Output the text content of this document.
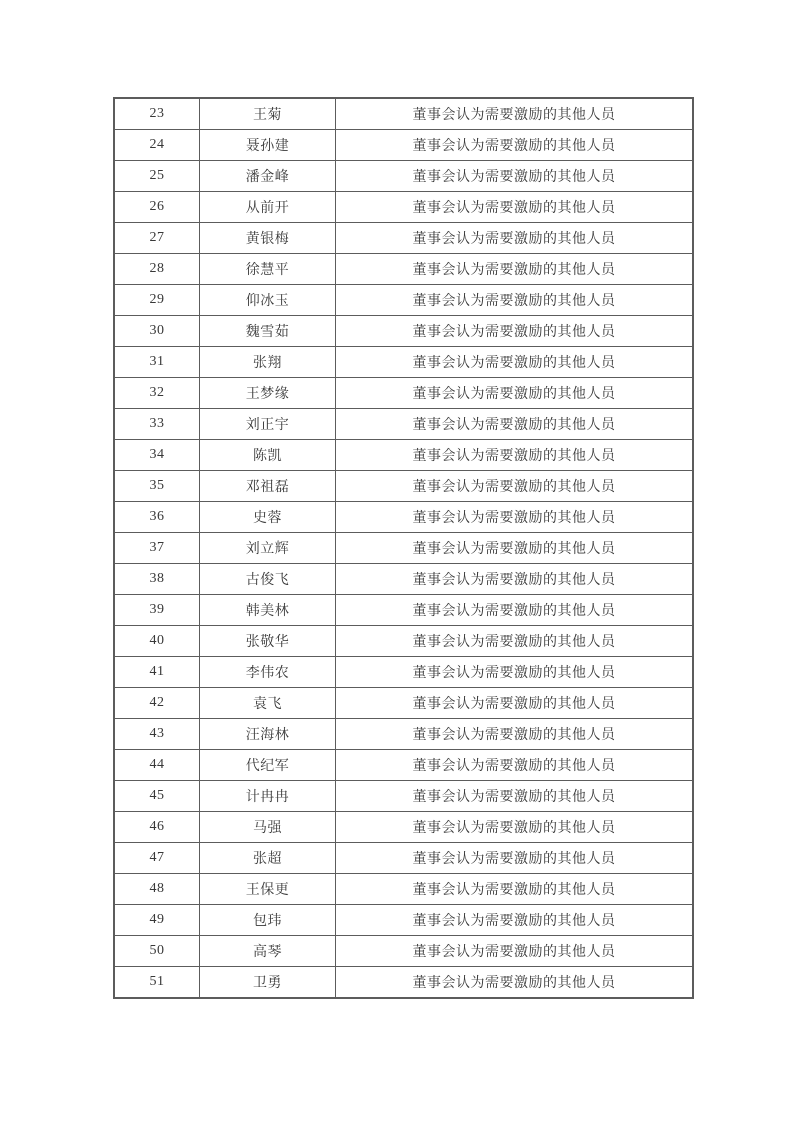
23	王菊	董事会认为需要激励的其他人员
24	聂孙建	董事会认为需要激励的其他人员
25	潘金峰	董事会认为需要激励的其他人员
26	从前开	董事会认为需要激励的其他人员
27	黄银梅	董事会认为需要激励的其他人员
28	徐慧平	董事会认为需要激励的其他人员
29	仰冰玉	董事会认为需要激励的其他人员
30	魏雪茹	董事会认为需要激励的其他人员
31	张翔	董事会认为需要激励的其他人员
32	王梦缘	董事会认为需要激励的其他人员
33	刘正宇	董事会认为需要激励的其他人员
34	陈凯	董事会认为需要激励的其他人员
35	邓祖磊	董事会认为需要激励的其他人员
36	史蓉	董事会认为需要激励的其他人员
37	刘立辉	董事会认为需要激励的其他人员
38	古俊飞	董事会认为需要激励的其他人员
39	韩美林	董事会认为需要激励的其他人员
40	张敬华	董事会认为需要激励的其他人员
41	李伟农	董事会认为需要激励的其他人员
42	袁飞	董事会认为需要激励的其他人员
43	汪海林	董事会认为需要激励的其他人员
44	代纪军	董事会认为需要激励的其他人员
45	计冉冉	董事会认为需要激励的其他人员
46	马强	董事会认为需要激励的其他人员
47	张超	董事会认为需要激励的其他人员
48	王保更	董事会认为需要激励的其他人员
49	包玮	董事会认为需要激励的其他人员
50	高琴	董事会认为需要激励的其他人员
51	卫勇	董事会认为需要激励的其他人员
